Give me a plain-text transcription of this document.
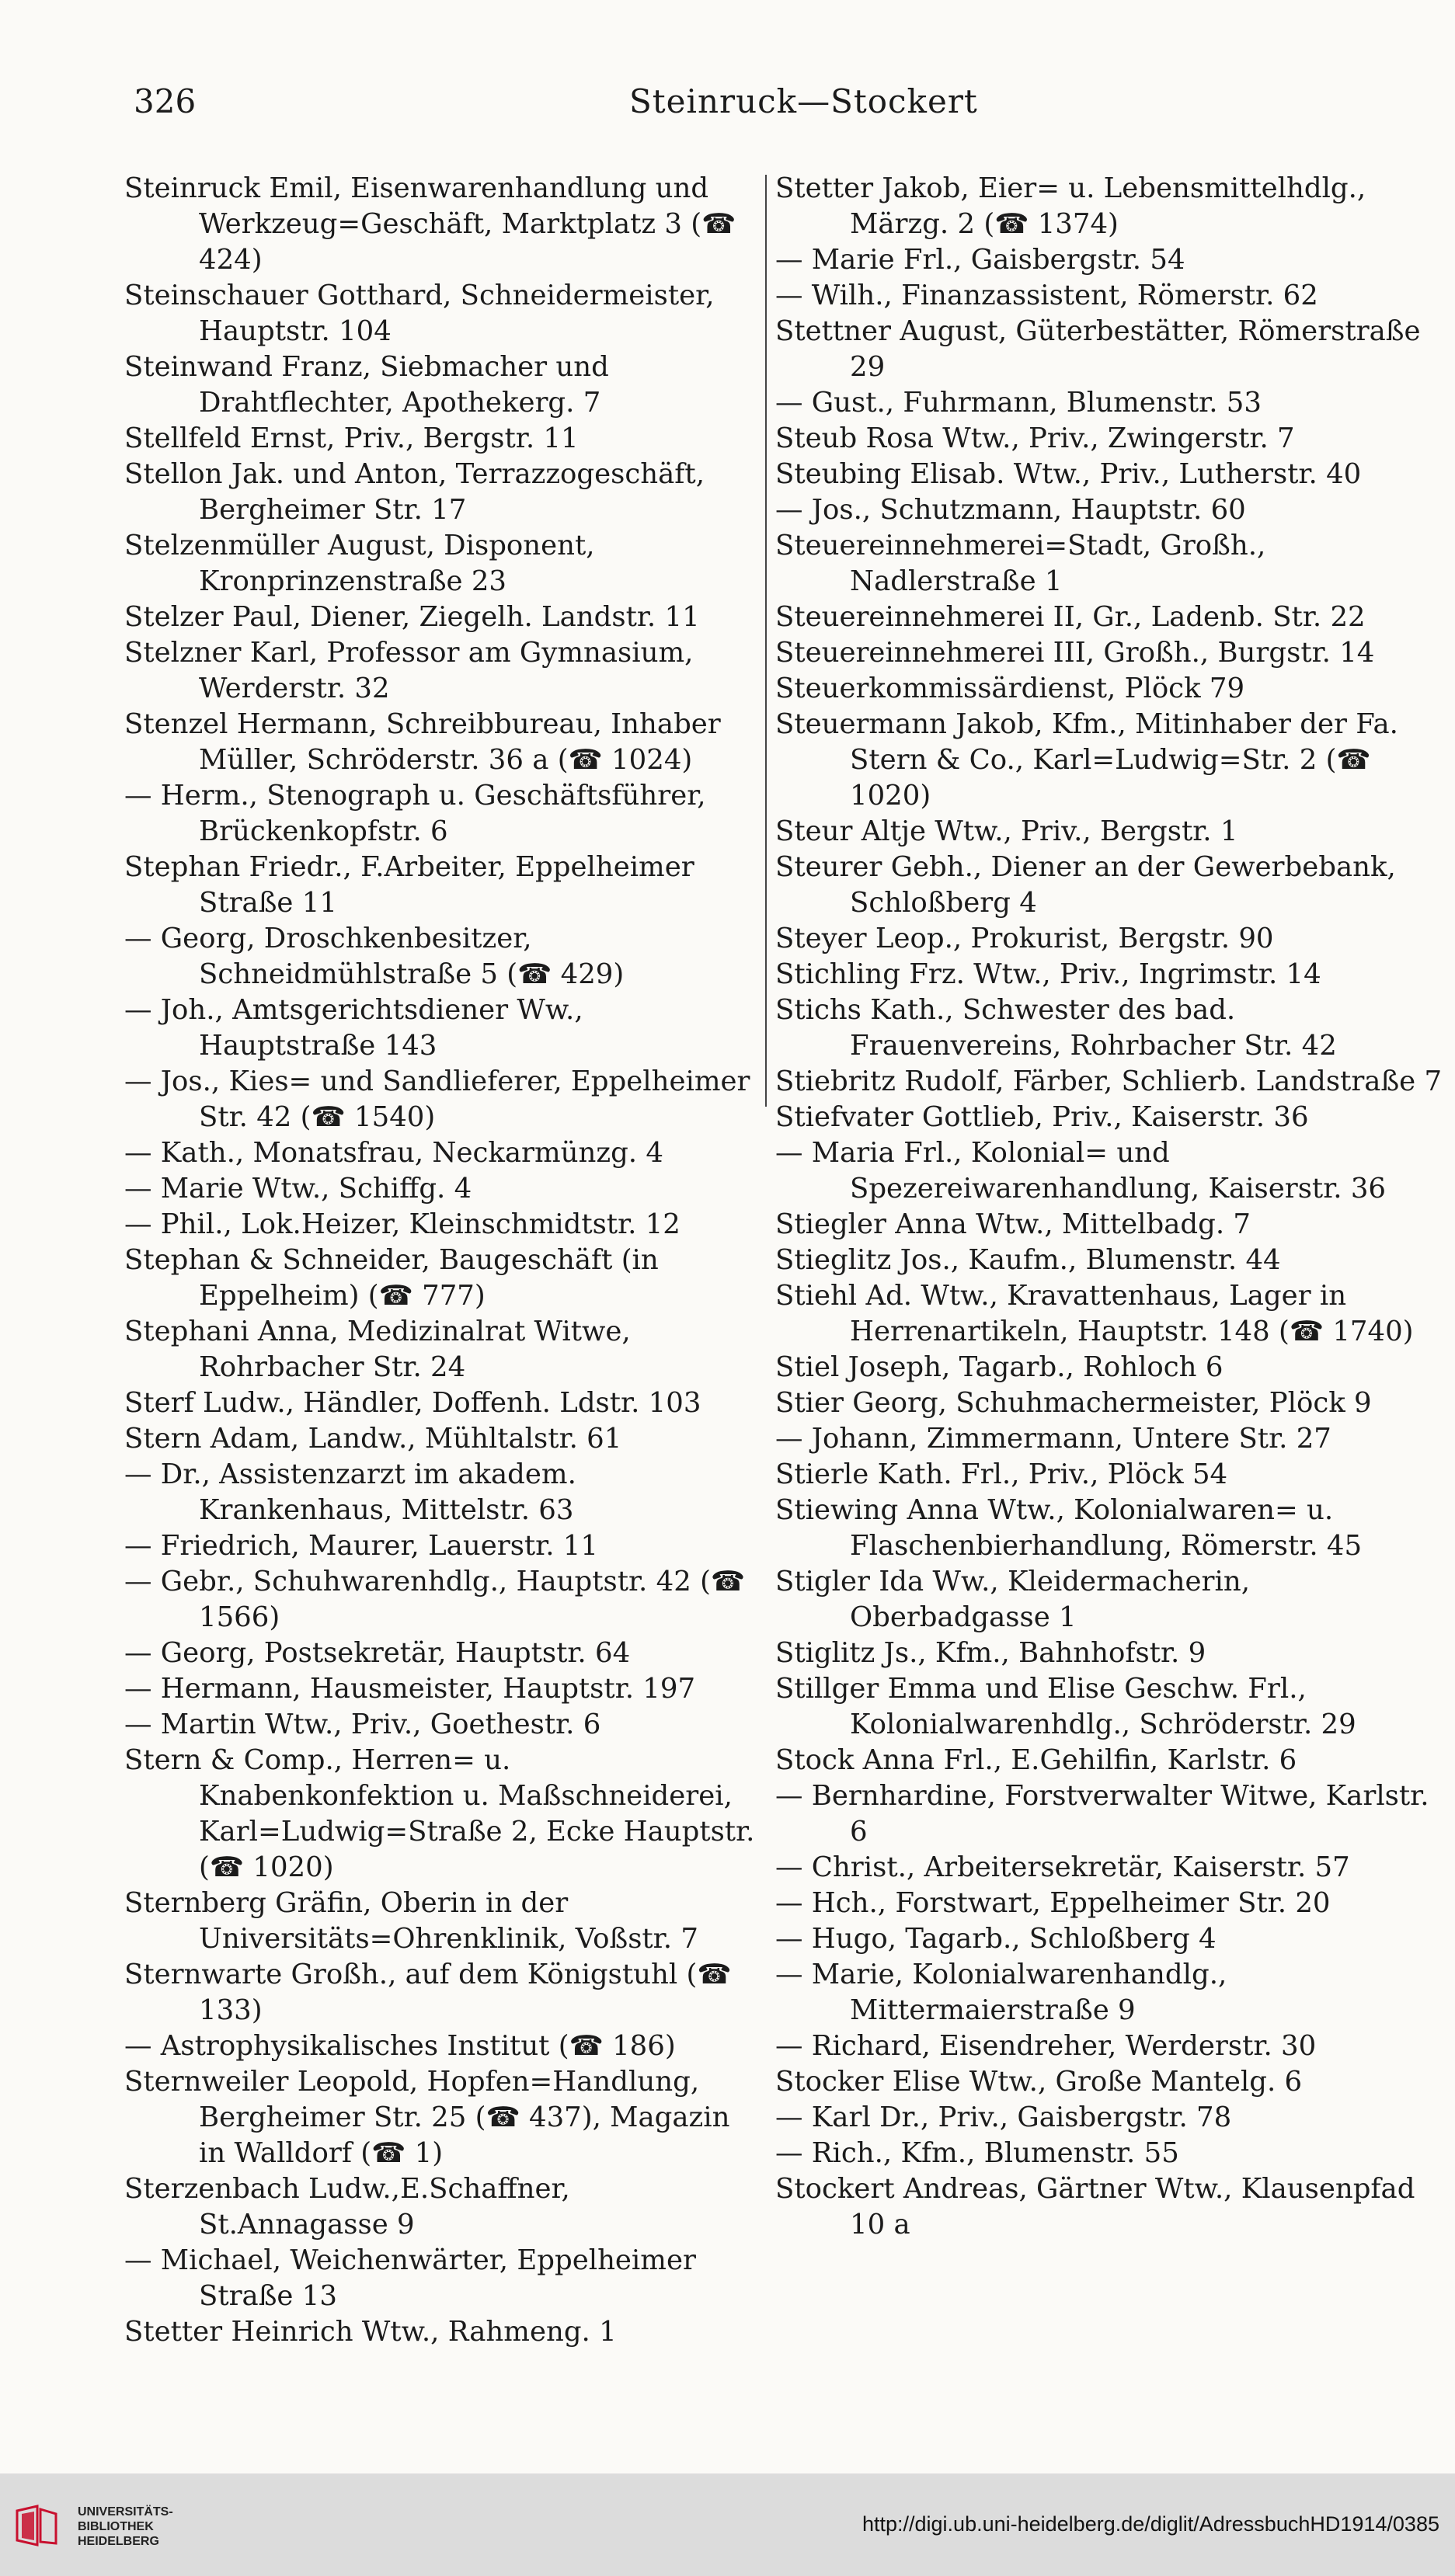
326	Steinruck—Stockert
Steinruck Emil, Eisenwarenhandlung und Werkzeug=Geschäft, Marktplatz 3 (☎ 424)
Steinschauer Gotthard, Schneidermeister, Hauptstr. 104
Steinwand Franz, Siebmacher und Drahtflechter, Apothekerg. 7
Stellfeld Ernst, Priv., Bergstr. 11
Stellon Jak. und Anton, Terrazzogeschäft, Bergheimer Str. 17
Stelzenmüller August, Disponent, Kronprinzenstraße 23
Stelzer Paul, Diener, Ziegelh. Landstr. 11
Stelzner Karl, Professor am Gymnasium, Werderstr. 32
Stenzel Hermann, Schreibbureau, Inhaber Müller, Schröderstr. 36 a (☎ 1024)
— Herm., Stenograph u. Geschäftsführer, Brückenkopfstr. 6
Stephan Friedr., F.Arbeiter, Eppelheimer Straße 11
— Georg, Droschkenbesitzer, Schneidmühlstraße 5 (☎ 429)
— Joh., Amtsgerichtsdiener Ww., Hauptstraße 143
— Jos., Kies= und Sandlieferer, Eppelheimer Str. 42 (☎ 1540)
— Kath., Monatsfrau, Neckarmünzg. 4
— Marie Wtw., Schiffg. 4
— Phil., Lok.Heizer, Kleinschmidtstr. 12
Stephan & Schneider, Baugeschäft (in Eppelheim) (☎ 777)
Stephani Anna, Medizinalrat Witwe, Rohrbacher Str. 24
Sterf Ludw., Händler, Doffenh. Ldstr. 103
Stern Adam, Landw., Mühltalstr. 61
— Dr., Assistenzarzt im akadem. Krankenhaus, Mittelstr. 63
— Friedrich, Maurer, Lauerstr. 11
— Gebr., Schuhwarenhdlg., Hauptstr. 42 (☎ 1566)
— Georg, Postsekretär, Hauptstr. 64
— Hermann, Hausmeister, Hauptstr. 197
— Martin Wtw., Priv., Goethestr. 6
Stern & Comp., Herren= u. Knabenkonfektion u. Maßschneiderei, Karl=Ludwig=Straße 2, Ecke Hauptstr. (☎ 1020)
Sternberg Gräfin, Oberin in der Universitäts=Ohrenklinik, Voßstr. 7
Sternwarte Großh., auf dem Königstuhl (☎ 133)
— Astrophysikalisches Institut (☎ 186)
Sternweiler Leopold, Hopfen=Handlung, Bergheimer Str. 25 (☎ 437), Magazin in Walldorf (☎ 1)
Sterzenbach Ludw.,E.Schaffner, St.Annagasse 9
— Michael, Weichenwärter, Eppelheimer Straße 13
Stetter Heinrich Wtw., Rahmeng. 1
Stetter Jakob, Eier= u. Lebensmittelhdlg., Märzg. 2 (☎ 1374)
— Marie Frl., Gaisbergstr. 54
— Wilh., Finanzassistent, Römerstr. 62
Stettner August, Güterbestätter, Römerstraße 29
— Gust., Fuhrmann, Blumenstr. 53
Steub Rosa Wtw., Priv., Zwingerstr. 7
Steubing Elisab. Wtw., Priv., Lutherstr. 40
— Jos., Schutzmann, Hauptstr. 60
Steuereinnehmerei=Stadt, Großh., Nadlerstraße 1
Steuereinnehmerei II, Gr., Ladenb. Str. 22
Steuereinnehmerei III, Großh., Burgstr. 14
Steuerkommissärdienst, Plöck 79
Steuermann Jakob, Kfm., Mitinhaber der Fa. Stern & Co., Karl=Ludwig=Str. 2 (☎ 1020)
Steur Altje Wtw., Priv., Bergstr. 1
Steurer Gebh., Diener an der Gewerbebank, Schloßberg 4
Steyer Leop., Prokurist, Bergstr. 90
Stichling Frz. Wtw., Priv., Ingrimstr. 14
Stichs Kath., Schwester des bad. Frauenvereins, Rohrbacher Str. 42
Stiebritz Rudolf, Färber, Schlierb. Landstraße 7
Stiefvater Gottlieb, Priv., Kaiserstr. 36
— Maria Frl., Kolonial= und Spezereiwarenhandlung, Kaiserstr. 36
Stiegler Anna Wtw., Mittelbadg. 7
Stieglitz Jos., Kaufm., Blumenstr. 44
Stiehl Ad. Wtw., Kravattenhaus, Lager in Herrenartikeln, Hauptstr. 148 (☎ 1740)
Stiel Joseph, Tagarb., Rohloch 6
Stier Georg, Schuhmachermeister, Plöck 9
— Johann, Zimmermann, Untere Str. 27
Stierle Kath. Frl., Priv., Plöck 54
Stiewing Anna Wtw., Kolonialwaren= u. Flaschenbierhandlung, Römerstr. 45
Stigler Ida Ww., Kleidermacherin, Oberbadgasse 1
Stiglitz Js., Kfm., Bahnhofstr. 9
Stillger Emma und Elise Geschw. Frl., Kolonialwarenhdlg., Schröderstr. 29
Stock Anna Frl., E.Gehilfin, Karlstr. 6
— Bernhardine, Forstverwalter Witwe, Karlstr. 6
— Christ., Arbeitersekretär, Kaiserstr. 57
— Hch., Forstwart, Eppelheimer Str. 20
— Hugo, Tagarb., Schloßberg 4
— Marie, Kolonialwarenhandlg., Mittermaierstraße 9
— Richard, Eisendreher, Werderstr. 30
Stocker Elise Wtw., Große Mantelg. 6
— Karl Dr., Priv., Gaisbergstr. 78
— Rich., Kfm., Blumenstr. 55
Stockert Andreas, Gärtner Wtw., Klausenpfad 10 a
UNIVERSITÄTS-
BIBLIOTHEK
HEIDELBERG
http://digi.ub.uni-heidelberg.de/diglit/AdressbuchHD1914/0385
